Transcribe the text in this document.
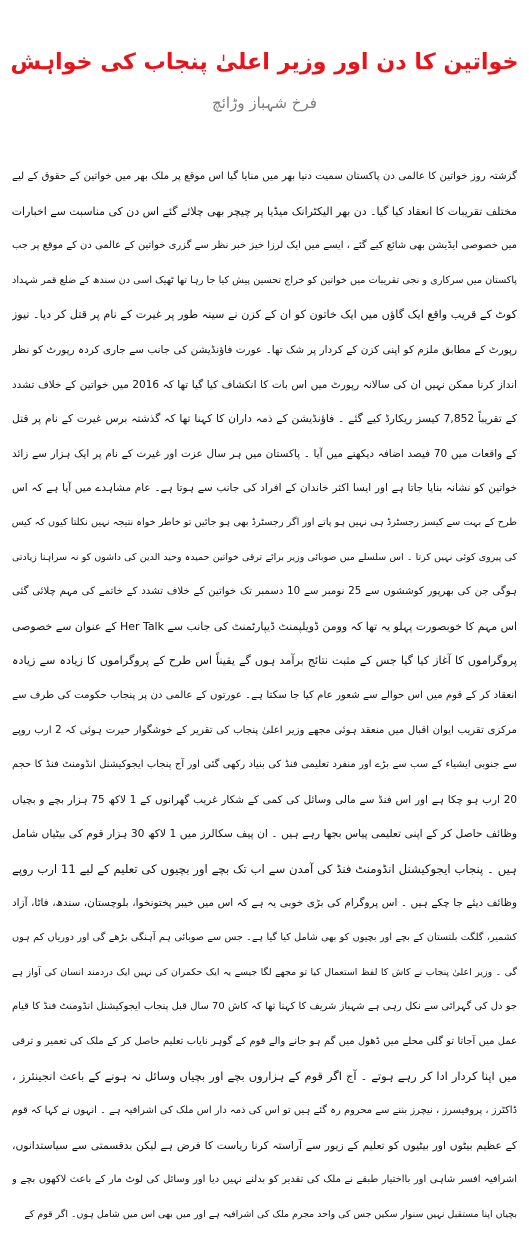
خواتین کا دن اور وزیر اعلیٰ پنجاب کی خواہش
فرخ شہباز وڑائچ
گزشتہ روز خواتین کا عالمی دن پاکستان سمیت دنیا بھر میں منایا گیا اس موقع پر ملک بھر میں خواتین کے حقوق کے لیے
مختلف تقریبات کا انعقاد کیا گیا۔ دن بھر الیکٹرانک میڈیا پر چیچر بھی چلائے گئے اس دن کی مناسبت سے اخبارات
میں خصوصی ایڈیشن بھی شائع کیے گئے ، ایسے میں ایک لرزا خیز خبر نظر سے گزری خواتین کے عالمی دن کے موقع پر جب
پاکستان میں سرکاری و نجی تقریبات میں خواتین کو خراج تحسین پیش کیا جا رہا تھا ٹھیک اسی دن سندھ کے ضلع قمر شہداد
کوٹ کے قریب واقع ایک گاؤں میں ایک خاتون کو ان کے کزن نے سینہ طور پر غیرت کے نام پر قتل کر دیا۔ نیوز
رپورٹ کے مطابق ملزم کو اپنی کزن کے کردار پر شک تھا۔ عورت فاؤنڈیشن کی جانب سے جاری کردہ رپورٹ کو نظر
انداز کرنا ممکن نہیں ان کی سالانہ رپورٹ میں اس بات کا انکشاف کیا گیا تھا کہ 2016 میں خواتین کے خلاف تشدد
کے تقریباً 7,852 کیسز ریکارڈ کیے گئے ۔ فاؤنڈیشن کے ذمہ داران کا کہنا تھا کہ گذشتہ برس غیرت کے نام پر قتل
کے واقعات میں 70 فیصد اضافہ دیکھنے میں آیا ۔ پاکستان میں ہر سال عزت اور غیرت کے نام پر ایک ہزار سے زائد
خواتین کو نشانہ بنایا جاتا ہے اور ایسا اکثر خاندان کے افراد کی جانب سے ہوتا ہے۔ عام مشاہدے میں آیا ہے کہ اس
طرح کے بہت سے کیسز رجسٹرڈ ہی نہیں ہو پاتے اور اگر رجسٹرڈ بھی ہو جائیں تو خاطر خواہ نتیجہ نہیں نکلتا کیوں کہ کیس
کی پیروی کوئی نہیں کرتا ۔ اس سلسلے میں صوبائی وزیر برائے ترقی خواتین حمیدہ وحید الدین کی داشوں کو نہ سراہنا زیادتی
ہوگی جن کی بھرپور کوششوں سے 25 نومبر سے 10 دسمبر تک خواتین کے خلاف تشدد کے خاتمے کی مہم چلائی گئی
اس مہم کا خوبصورت پہلو یہ تھا کہ وومن ڈویلپمنٹ ڈیپارٹمنٹ کی جانب سے Her Talk کے عنوان سے خصوصی
پروگراموں کا آغاز کیا گیا جس کے مثبت نتائج برآمد ہوں گے یقیناً اس طرح کے پروگراموں کا زیادہ سے زیادہ
انعقاد کر کے قوم میں اس حوالے سے شعور عام کیا جا سکتا ہے۔ عورتوں کے عالمی دن پر پنجاب حکومت کی طرف سے
مرکزی تقریب ایوان اقبال میں منعقد ہوئی مجھے وزیر اعلیٰ پنجاب کی تقریر کے خوشگوار حیرت ہوئی کہ 2 ارب روپے
سے جنوبی ایشیاء کے سب سے بڑے اور منفرد تعلیمی فنڈ کی بنیاد رکھی گئی اور آج پنجاب ایجوکیشنل انڈومنٹ فنڈ کا حجم
20 ارب ہو چکا ہے اور اس فنڈ سے مالی وسائل کی کمی کے شکار غریب گھرانوں کے 1 لاکھ 75 ہزار بچے و بچیاں
وظائف حاصل کر کے اپنی تعلیمی پیاس بجھا رہے ہیں ۔ ان پیف سکالرز میں 1 لاکھ 30 ہزار قوم کی بیٹیاں شامل
ہیں ۔ پنجاب ایجوکیشنل انڈومنٹ فنڈ کی آمدن سے اب تک بچے اور بچیوں کی تعلیم کے لیے 11 ارب روپے
وظائف دیئے جا چکے ہیں ۔ اس پروگرام کی بڑی خوبی یہ ہے کہ اس میں خیبر پختونخوا، بلوچستان، سندھ، فاٹا، آزاد
کشمیر، گلگت بلتستان کے بچے اور بچیوں کو بھی شامل کیا گیا ہے۔ جس سے صوبائی ہم آہنگی بڑھے گی اور دوریاں کم ہوں
گی ۔ وزیر اعلیٰ پنجاب نے کاش کا لفظ استعمال کیا تو مجھے لگا جیسے یہ ایک حکمران کی نہیں ایک دردمند انسان کی آواز ہے
جو دل کی گہرائی سے نکل رہی ہے شہباز شریف کا کہنا تھا کہ کاش 70 سال قبل پنجاب ایجوکیشنل انڈومنٹ فنڈ کا قیام
عمل میں آجاتا تو گلی محلے میں ڈھول میں گم ہو جانے والے قوم کے گوہر نایاب تعلیم حاصل کر کے ملک کی تعمیر و ترقی
میں اپنا کردار ادا کر رہے ہوتے ۔ آج اگر قوم کے ہزاروں بچے اور بچیاں وسائل نہ ہونے کے باعث انجینئرز ،
ڈاکٹرز ، پروفیسرز ، نیچرز بننے سے محروم رہ گئے ہیں تو اس کی ذمہ دار اس ملک کی اشرافیہ ہے ۔ انہوں نے کہا کہ قوم
کے عظیم بیٹوں اور بیٹیوں کو تعلیم کے زیور سے آراستہ کرنا ریاست کا فرض ہے لیکن بدقسمتی سے سیاستدانوں،
اشرافیہ افسر شاہی اور بااختیار طبقے نے ملک کی تقدیر کو بدلنے نہیں دیا اور وسائل کی لوٹ مار کے باعث لاکھوں بچے و
بچیاں اپنا مستقبل نہیں سنوار سکیں جس کی واحد مجرم ملک کی اشرافیہ ہے اور میں بھی اس میں شامل ہوں۔ اگر قوم کے
